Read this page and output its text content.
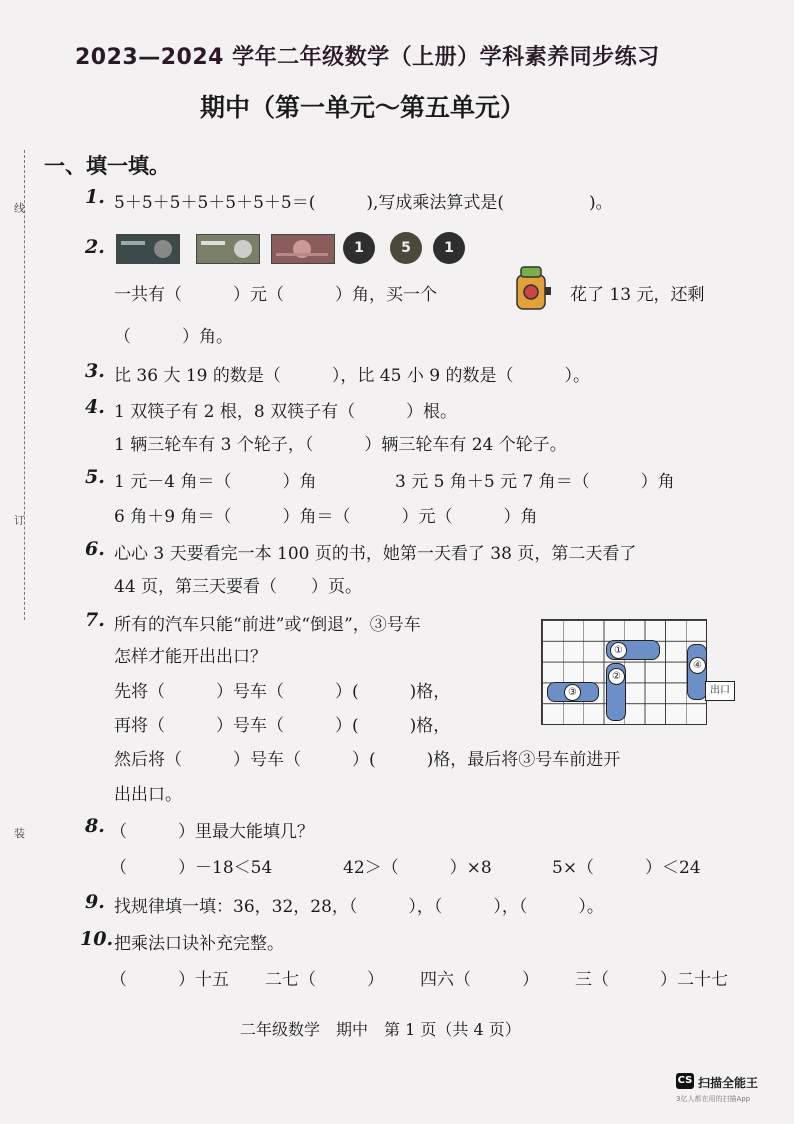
线
订
装
2023—2024 学年二年级数学（上册）学科素养同步练习
期中（第一单元～第五单元）
一、填一填。
1. 5＋5＋5＋5＋5＋5＋5＝(　　　),写成乘法算式是(　　　　　)。
2.	1	5	1
一共有（　　　）元（　　　）角，买一个	花了 13 元，还剩
（　　　）角。
3. 比 36 大 19 的数是（　　　），比 45 小 9 的数是（　　　）。
4. 1 双筷子有 2 根，8 双筷子有（　　　）根。
1 辆三轮车有 3 个轮子，（　　　）辆三轮车有 24 个轮子。
5. 1 元－4 角＝（　　　）角	3 元 5 角＋5 元 7 角＝（　　　）角
6 角＋9 角＝（　　　）角＝（　　　）元（　　　）角
6. 心心 3 天要看完一本 100 页的书，她第一天看了 38 页，第二天看了
44 页，第三天要看（　　）页。
7. 所有的汽车只能“前进”或“倒退”，③号车
怎样才能开出出口？
先将（　　　）号车（　　　）(　　　)格，
再将（　　　）号车（　　　）(　　　)格，
然后将（　　　）号车（　　　）(　　　)格，最后将③号车前进开
出出口。
①
②
③
④
出口
8. （　　　）里最大能填几？
（　　　）－18＜54	42＞（　　　）×8	5×（　　　）＜24
9. 找规律填一填：36，32，28，（　　　），（　　　），（　　　）。
10. 把乘法口诀补充完整。
（　　　）十五 二七（　　　） 四六（　　　） 三（　　　）二十七
二年级数学　期中　第 1 页（共 4 页）
CS 扫描全能王
3亿人都在用的扫描App
